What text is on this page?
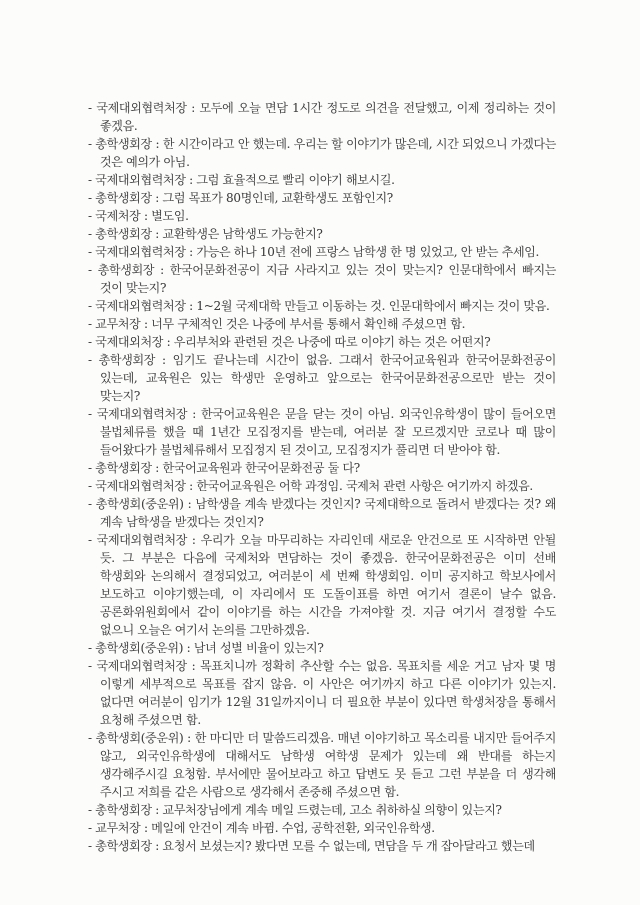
- 국제대외협력처장 : 모두에 오늘 면담 1시간 정도로 의견을 전달했고, 이제 정리하는 것이 좋겠음.
- 총학생회장 : 한 시간이라고 안 했는데. 우리는 할 이야기가 많은데, 시간 되었으니 가겠다는 것은 예의가 아님.
- 국제대외협력처장 : 그럼 효율적으로 빨리 이야기 해보시길.
- 총학생회장 : 그럼 목표가 80명인데, 교환학생도 포함인지?
- 국제처장 : 별도임.
- 총학생회장 : 교환학생은 남학생도 가능한지?
- 국제대외협력처장 : 가능은 하나 10년 전에 프랑스 남학생 한 명 있었고, 안 받는 추세임.
- 총학생회장 : 한국어문화전공이 지금 사라지고 있는 것이 맞는지? 인문대학에서 빠지는 것이 맞는지?
- 국제대외협력처장 : 1~2월 국제대학 만들고 이동하는 것. 인문대학에서 빠지는 것이 맞음.
- 교무처장 : 너무 구체적인 것은 나중에 부서를 통해서 확인해 주셨으면 함.
- 국제대외처장 : 우리부처와 관련된 것은 나중에 따로 이야기 하는 것은 어떤지?
- 총학생회장 : 임기도 끝나는데 시간이 없음. 그래서 한국어교육원과 한국어문화전공이 있는데, 교육원은 있는 학생만 운영하고 앞으로는 한국어문화전공으로만 받는 것이 맞는지?
- 국제대외협력처장 : 한국어교육원은 문을 닫는 것이 아님. 외국인유학생이 많이 들어오면 불법체류를 했을 때 1년간 모집정지를 받는데, 여러분 잘 모르겠지만 코로나 때 많이 들어왔다가 불법체류해서 모집정지 된 것이고, 모집정지가 풀리면 더 받아야 함.
- 총학생회장 : 한국어교육원과 한국어문화전공 둘 다?
- 국제대외협력처장 : 한국어교육원은 어학 과정임. 국제처 관련 사항은 여기까지 하겠음.
- 총학생회(중운위) : 남학생을 계속 받겠다는 것인지? 국제대학으로 돌려서 받겠다는 것? 왜 계속 남학생을 받겠다는 것인지?
- 국제대외협력처장 : 우리가 오늘 마무리하는 자리인데 새로운 안건으로 또 시작하면 안될 듯. 그 부분은 다음에 국제처와 면담하는 것이 좋겠음. 한국어문화전공은 이미 선배 학생회와 논의해서 결정되었고, 여러분이 세 번째 학생회임. 이미 공지하고 학보사에서 보도하고 이야기했는데, 이 자리에서 또 도돌이표를 하면 여기서 결론이 날수 없음. 공론화위원회에서 같이 이야기를 하는 시간을 가져야할 것. 지금 여기서 결정할 수도 없으니 오늘은 여기서 논의를 그만하겠음.
- 총학생회(중운위) : 남녀 성별 비율이 있는지?
- 국제대외협력처장 : 목표치니까 정확히 추산할 수는 없음. 목표치를 세운 거고 남자 몇 명 이렇게 세부적으로 목표를 잡지 않음. 이 사안은 여기까지 하고 다른 이야기가 있는지. 없다면 여러분이 임기가 12월 31일까지이니 더 필요한 부분이 있다면 학생처장을 통해서 요청해 주셨으면 함.
- 총학생회(중운위) : 한 마디만 더 말씀드리겠음. 매년 이야기하고 목소리를 내지만 들어주지 않고, 외국인유학생에 대해서도 남학생 여학생 문제가 있는데 왜 반대를 하는지 생각해주시길 요청함. 부서에만 물어보라고 하고 답변도 못 듣고 그런 부분을 더 생각해 주시고 저희를 같은 사람으로 생각해서 존중해 주셨으면 함.
- 총학생회장 : 교무처장님에게 계속 메일 드렸는데, 고소 취하하실 의향이 있는지?
- 교무처장 : 메일에 안건이 계속 바뀜. 수업, 공학전환, 외국인유학생.
- 총학생회장 : 요청서 보셨는지? 봤다면 모를 수 없는데, 면담을 두 개 잡아달라고 했는데
